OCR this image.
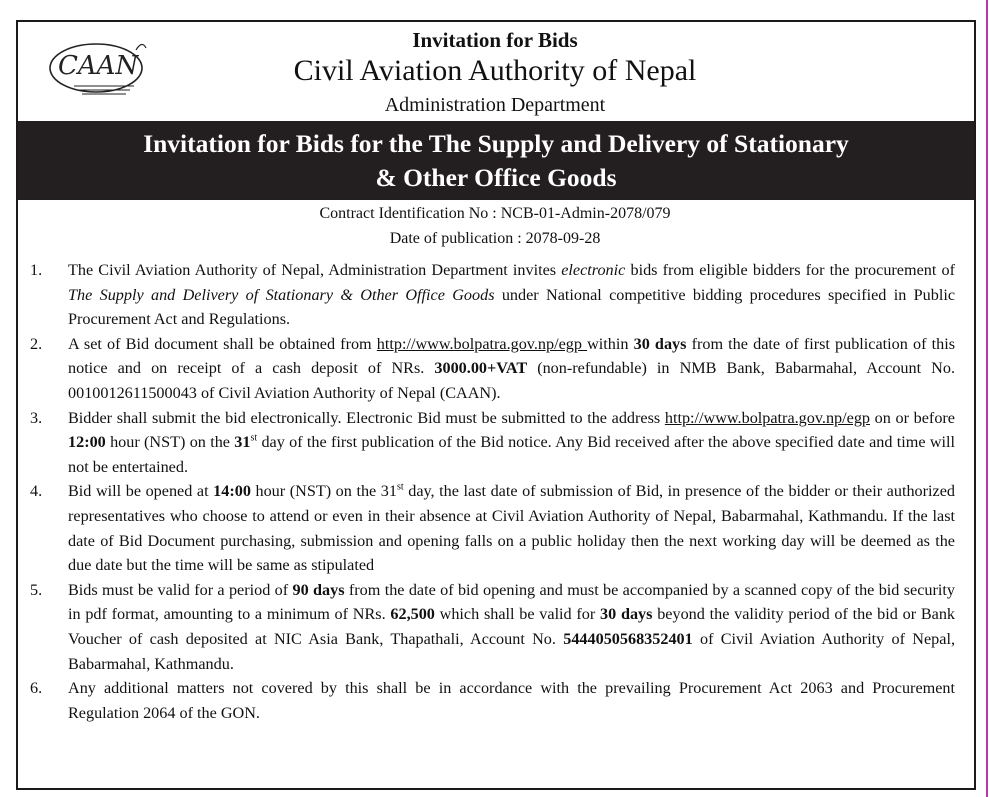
CAAN
Invitation for Bids
Civil Aviation Authority of Nepal
Administration Department
Invitation for Bids for the The Supply and Delivery of Stationary
& Other Office Goods
Contract Identification No : NCB-01-Admin-2078/079
Date of publication : 2078-09-28
1.	The Civil Aviation Authority of Nepal, Administration Department invites electronic bids from eligible bidders for the procurement of The Supply and Delivery of Stationary & Other Office Goods under National competitive bidding procedures specified in Public Procurement Act and Regulations.
2.	A set of Bid document shall be obtained from http://www.bolpatra.gov.np/egp within 30 days from the date of first publication of this notice and on receipt of a cash deposit of NRs. 3000.00+VAT (non-refundable) in NMB Bank, Babarmahal, Account No. 0010012611500043 of Civil Aviation Authority of Nepal (CAAN).
3.	Bidder shall submit the bid electronically. Electronic Bid must be submitted to the address http://www.bolpatra.gov.np/egp on or before 12:00 hour (NST) on the 31st day of the first publication of the Bid notice. Any Bid received after the above specified date and time will not be entertained.
4.	Bid will be opened at 14:00 hour (NST) on the 31st day, the last date of submission of Bid, in presence of the bidder or their authorized representatives who choose to attend or even in their absence at Civil Aviation Authority of Nepal, Babarmahal, Kathmandu. If the last date of Bid Document purchasing, submission and opening falls on a public holiday then the next working day will be deemed as the due date but the time will be same as stipulated
5.	Bids must be valid for a period of 90 days from the date of bid opening and must be accompanied by a scanned copy of the bid security in pdf format, amounting to a minimum of NRs. 62,500 which shall be valid for 30 days beyond the validity period of the bid or Bank Voucher of cash deposited at NIC Asia Bank, Thapathali, Account No. 5444050568352401 of Civil Aviation Authority of Nepal, Babarmahal, Kathmandu.
6.	Any additional matters not covered by this shall be in accordance with the prevailing Procurement Act 2063 and Procurement Regulation 2064 of the GON.
